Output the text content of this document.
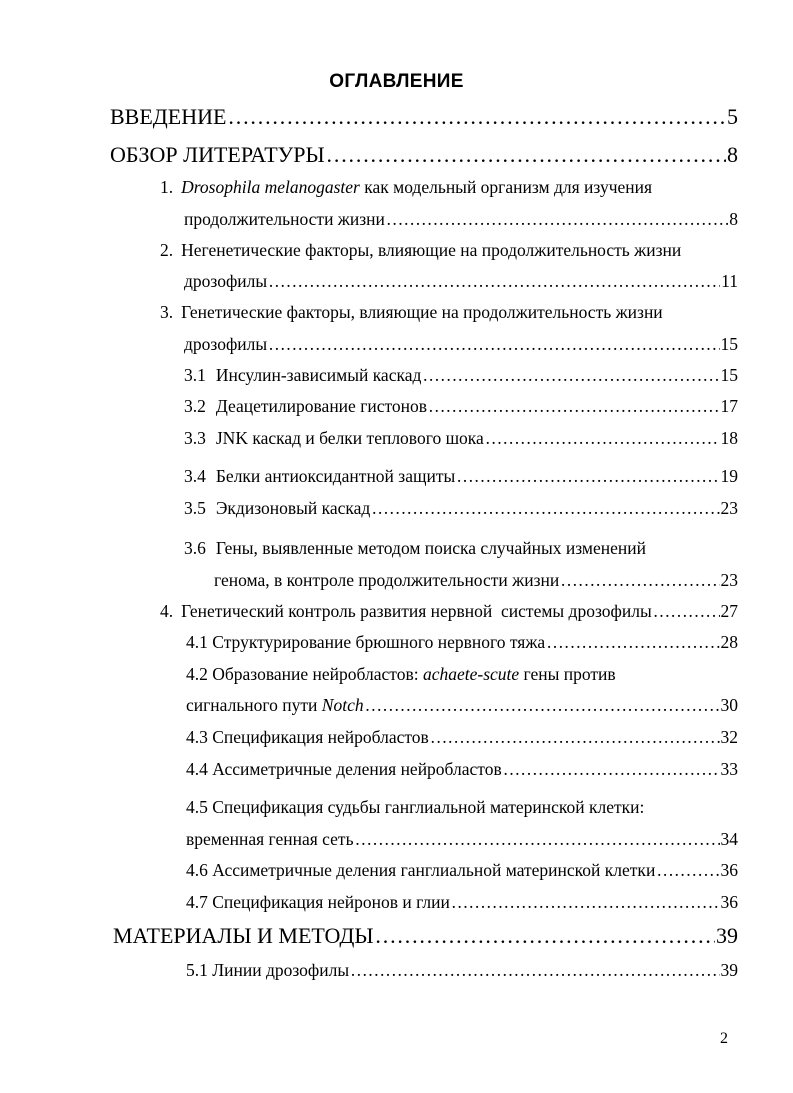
ОГЛАВЛЕНИЕ
ВВЕДЕНИЕ ……………………………………………………………………………………………………………………………………………………………………………………………………	5
ОБЗОР ЛИТЕРАТУРЫ ……………………………………………………………………………………………………………………………………………………………………………………………………	8
1. Drosophila melanogaster как модельный организм для изучения
продолжительности жизни ……………………………………………………………………………………………………………………………………………………………………………………………………	8
2. Негенетические факторы, влияющие на продолжительность жизни
дрозофилы ……………………………………………………………………………………………………………………………………………………………………………………………………	11
3. Генетические факторы, влияющие на продолжительность жизни
дрозофилы ……………………………………………………………………………………………………………………………………………………………………………………………………	15
3.1 Инсулин-зависимый каскад ……………………………………………………………………………………………………………………………………………………………………………………………………	15
3.2 Деацетилирование гистонов ……………………………………………………………………………………………………………………………………………………………………………………………………	17
3.3 JNK каскад и белки теплового шока ……………………………………………………………………………………………………………………………………………………………………………………………………	18
3.4 Белки антиоксидантной защиты ……………………………………………………………………………………………………………………………………………………………………………………………………	19
3.5 Экдизоновый каскад ……………………………………………………………………………………………………………………………………………………………………………………………………	23
3.6 Гены, выявленные методом поиска случайных изменений
генома, в контроле продолжительности жизни ……………………………………………………………………………………………………………………………………………………………………………………………………	23
4. Генетический контроль развития нервной  системы дрозофилы ……………………………………………………………………………………………………………………………………………………………………………………………………	27
4.1 Структурирование брюшного нервного тяжа ……………………………………………………………………………………………………………………………………………………………………………………………………	28
4.2 Образование нейробластов: achaete-scute гены против
сигнального пути Notch ……………………………………………………………………………………………………………………………………………………………………………………………………	30
4.3 Спецификация нейробластов ……………………………………………………………………………………………………………………………………………………………………………………………………	32
4.4 Ассиметричные деления нейробластов ……………………………………………………………………………………………………………………………………………………………………………………………………	33
4.5 Спецификация судьбы ганглиальной материнской клетки:
временная генная сеть ……………………………………………………………………………………………………………………………………………………………………………………………………	34
4.6 Ассиметричные деления ганглиальной материнской клетки ……………………………………………………………………………………………………………………………………………………………………………………………………	36
4.7 Спецификация нейронов и глии ……………………………………………………………………………………………………………………………………………………………………………………………………	36
МАТЕРИАЛЫ И МЕТОДЫ ……………………………………………………………………………………………………………………………………………………………………………………………………	39
5.1 Линии дрозофилы ……………………………………………………………………………………………………………………………………………………………………………………………………	39
2
